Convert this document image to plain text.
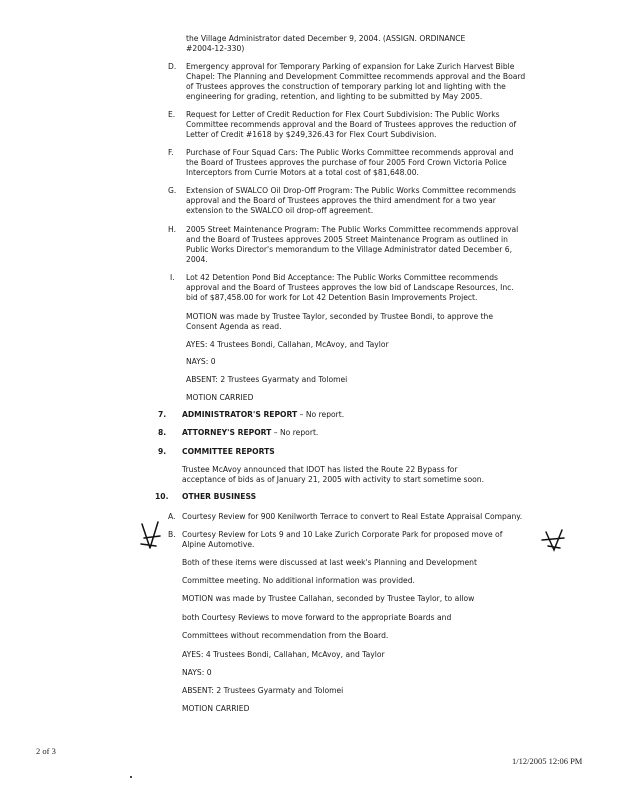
the Village Administrator dated December 9, 2004. (ASSIGN. ORDINANCE
#2004-12-330)
D. Emergency approval for Temporary Parking of expansion for Lake Zurich Harvest Bible
Chapel: The Planning and Development Committee recommends approval and the Board
of Trustees approves the construction of temporary parking lot and lighting with the
engineering for grading, retention, and lighting to be submitted by May 2005.
E. Request for Letter of Credit Reduction for Flex Court Subdivision: The Public Works
Committee recommends approval and the Board of Trustees approves the reduction of
Letter of Credit #1618 by $249,326.43 for Flex Court Subdivision.
F. Purchase of Four Squad Cars: The Public Works Committee recommends approval and
the Board of Trustees approves the purchase of four 2005 Ford Crown Victoria Police
Interceptors from Currie Motors at a total cost of $81,648.00.
G. Extension of SWALCO Oil Drop-Off Program: The Public Works Committee recommends
approval and the Board of Trustees approves the third amendment for a two year
extension to the SWALCO oil drop-off agreement.
H. 2005 Street Maintenance Program: The Public Works Committee recommends approval
and the Board of Trustees approves 2005 Street Maintenance Program as outlined in
Public Works Director's memorandum to the Village Administrator dated December 6,
2004.
I. Lot 42 Detention Pond Bid Acceptance: The Public Works Committee recommends
approval and the Board of Trustees approves the low bid of Landscape Resources, Inc.
bid of $87,458.00 for work for Lot 42 Detention Basin Improvements Project.
MOTION was made by Trustee Taylor, seconded by Trustee Bondi, to approve the
Consent Agenda as read.
AYES: 4 Trustees Bondi, Callahan, McAvoy, and Taylor
NAYS: 0
ABSENT: 2 Trustees Gyarmaty and Tolomei
MOTION CARRIED
7. ADMINISTRATOR'S REPORT – No report.
8. ATTORNEY'S REPORT – No report.
9. COMMITTEE REPORTS
Trustee McAvoy announced that IDOT has listed the Route 22 Bypass for
acceptance of bids as of January 21, 2005 with activity to start sometime soon.
10. OTHER BUSINESS
A. Courtesy Review for 900 Kenilworth Terrace to convert to Real Estate Appraisal Company.
B. Courtesy Review for Lots 9 and 10 Lake Zurich Corporate Park for proposed move of
Alpine Automotive.
Both of these items were discussed at last week's Planning and Development
Committee meeting. No additional information was provided.
MOTION was made by Trustee Callahan, seconded by Trustee Taylor, to allow
both Courtesy Reviews to move forward to the appropriate Boards and
Committees without recommendation from the Board.
AYES: 4 Trustees Bondi, Callahan, McAvoy, and Taylor
NAYS: 0
ABSENT: 2 Trustees Gyarmaty and Tolomei
MOTION CARRIED
2 of 3
1/12/2005 12:06 PM
